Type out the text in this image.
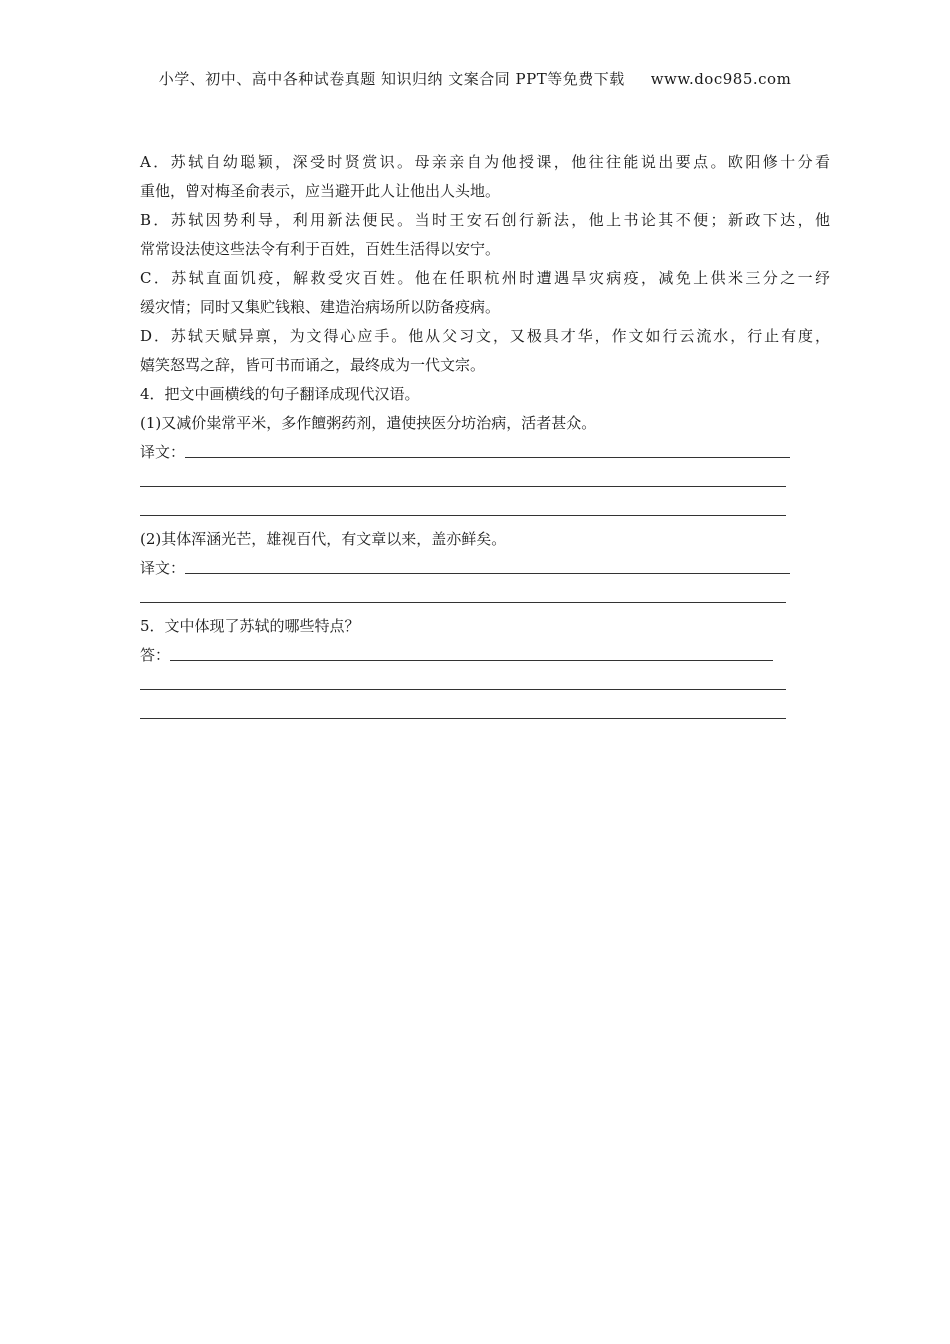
小学、初中、高中各种试卷真题 知识归纳 文案合同 PPT等免费下载 www.doc985.com
A．苏轼自幼聪颖，深受时贤赏识。母亲亲自为他授课，他往往能说出要点。欧阳修十分看
重他，曾对梅圣俞表示，应当避开此人让他出人头地。
B．苏轼因势利导，利用新法便民。当时王安石创行新法，他上书论其不便；新政下达，他
常常设法使这些法令有利于百姓，百姓生活得以安宁。
C．苏轼直面饥疫，解救受灾百姓。他在任职杭州时遭遇旱灾病疫，减免上供米三分之一纾
缓灾情；同时又集贮钱粮、建造治病场所以防备疫病。
D．苏轼天赋异禀，为文得心应手。他从父习文，又极具才华，作文如行云流水，行止有度，
嬉笑怒骂之辞，皆可书而诵之，最终成为一代文宗。
4．把文中画横线的句子翻译成现代汉语。
(1)又减价粜常平米，多作饘粥药剂，遣使挟医分坊治病，活者甚众。
译文：
(2)其体浑涵光芒，雄视百代，有文章以来，盖亦鲜矣。
译文：
5．文中体现了苏轼的哪些特点？
答：
